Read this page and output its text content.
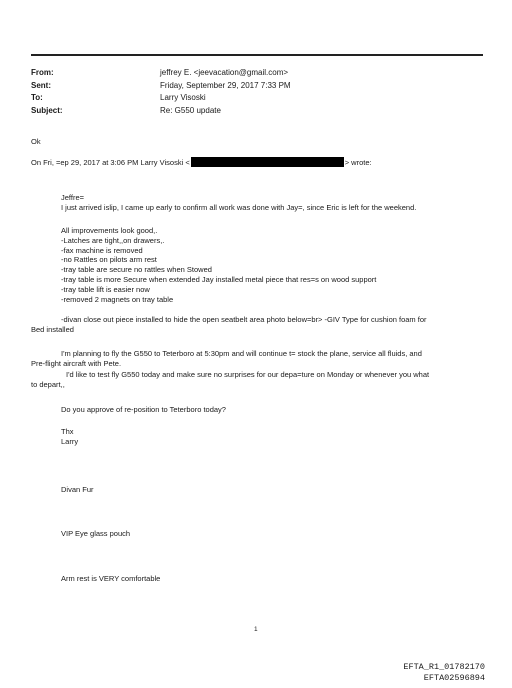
From:	jeffrey E. <jeevacation@gmail.com>
Sent:	Friday, September 29, 2017 7:33 PM
To:	Larry Visoski
Subject:	Re: G550 update
Ok
On Fri, =ep 29, 2017 at 3:06 PM Larry Visoski <	> wrote:
Jeffre=
I just arrived islip, I came up early to confirm all work was done with Jay=, since Eric is left for the weekend.
All improvements look good,.
-Latches are tight,,on drawers,.
-fax machine is removed
-no Rattles on pilots arm rest
-tray table are secure no rattles when Stowed
-tray table is more Secure when extended Jay installed metal piece that res=s on wood support
-tray table lift is easier now
-removed 2 magnets on tray table
-divan close out piece installed to hide the open seatbelt area photo below=br> -GIV Type for cushion foam for
Bed installed
I'm planning to fly the G550 to Teterboro at 5:30pm and will continue t= stock the plane, service all fluids, and
Pre-flight aircraft with Pete.
I'd like to test fly G550 today and make sure no surprises for our depa=ture on Monday or whenever you what
to depart,,
Do you approve of re-position to Teterboro today?
Thx
Larry
Divan Fur
VIP Eye glass pouch
Arm rest is VERY comfortable
1
EFTA_R1_01782170
EFTA02596894
